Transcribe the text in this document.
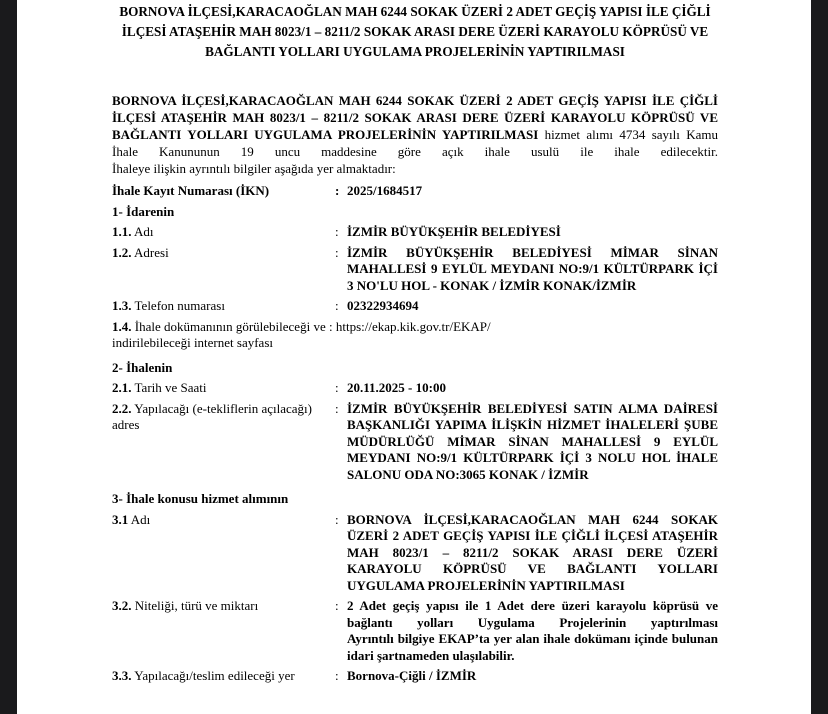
BORNOVA İLÇESİ,KARACAOĞLAN MAH 6244 SOKAK ÜZERİ 2 ADET GEÇİŞ YAPISI İLE ÇİĞLİ
İLÇESİ ATAŞEHİR MAH 8023/1 – 8211/2 SOKAK ARASI DERE ÜZERİ KARAYOLU KÖPRÜSÜ VE
BAĞLANTI YOLLARI UYGULAMA PROJELERİNİN YAPTIRILMASI
BORNOVA İLÇESİ,KARACAOĞLAN MAH 6244 SOKAK ÜZERİ 2 ADET GEÇİŞ YAPISI İLE ÇİĞLİ İLÇESİ ATAŞEHİR MAH 8023/1 – 8211/2 SOKAK ARASI DERE ÜZERİ KARAYOLU KÖPRÜSÜ VE BAĞLANTI YOLLARI UYGULAMA PROJELERİNİN YAPTIRILMASI hizmet alımı 4734 sayılı Kamu İhale Kanununun 19 uncu maddesine göre açık ihale usulü ile ihale edilecektir.
İhaleye ilişkin ayrıntılı bilgiler aşağıda yer almaktadır:
İhale Kayıt Numarası (İKN)	: 2025/1684517
1- İdarenin
1.1. Adı	: İZMİR BÜYÜKŞEHİR BELEDİYESİ
1.2. Adresi	: İZMİR BÜYÜKŞEHİR BELEDİYESİ MİMAR SİNAN MAHALLESİ 9 EYLÜL MEYDANI NO:9/1 KÜLTÜRPARK İÇİ 3 NO'LU HOL - KONAK / İZMİR KONAK/İZMİR
1.3. Telefon numarası	: 02322934694
1.4. İhale dokümanının görülebileceği ve : https://ekap.kik.gov.tr/EKAP/
indirilebileceği internet sayfası
2- İhalenin
2.1. Tarih ve Saati	: 20.11.2025 - 10:00
2.2. Yapılacağı (e-tekliflerin açılacağı) adres
: İZMİR BÜYÜKŞEHİR BELEDİYESİ SATIN ALMA DAİRESİ BAŞKANLIĞI YAPIMA İLİŞKİN HİZMET İHALELERİ ŞUBE MÜDÜRLÜĞÜ MİMAR SİNAN MAHALLESİ 9 EYLÜL MEYDANI NO:9/1 KÜLTÜRPARK İÇİ 3 NOLU HOL İHALE SALONU ODA NO:3065 KONAK / İZMİR
3- İhale konusu hizmet alımının
3.1 Adı	: BORNOVA İLÇESİ,KARACAOĞLAN MAH 6244 SOKAK ÜZERİ 2 ADET GEÇİŞ YAPISI İLE ÇİĞLİ İLÇESİ ATAŞEHİR MAH 8023/1 – 8211/2 SOKAK ARASI DERE ÜZERİ KARAYOLU KÖPRÜSÜ VE BAĞLANTI YOLLARI UYGULAMA PROJELERİNİN YAPTIRILMASI
3.2. Niteliği, türü ve miktarı	: 2 Adet geçiş yapısı ile 1 Adet dere üzeri karayolu köprüsü ve bağlantı yolları Uygulama Projelerinin yaptırılması
Ayrıntılı bilgiye EKAP’ta yer alan ihale dokümanı içinde bulunan idari şartnameden ulaşılabilir.
3.3. Yapılacağı/teslim edileceği yer	: Bornova-Çiğli / İZMİR
